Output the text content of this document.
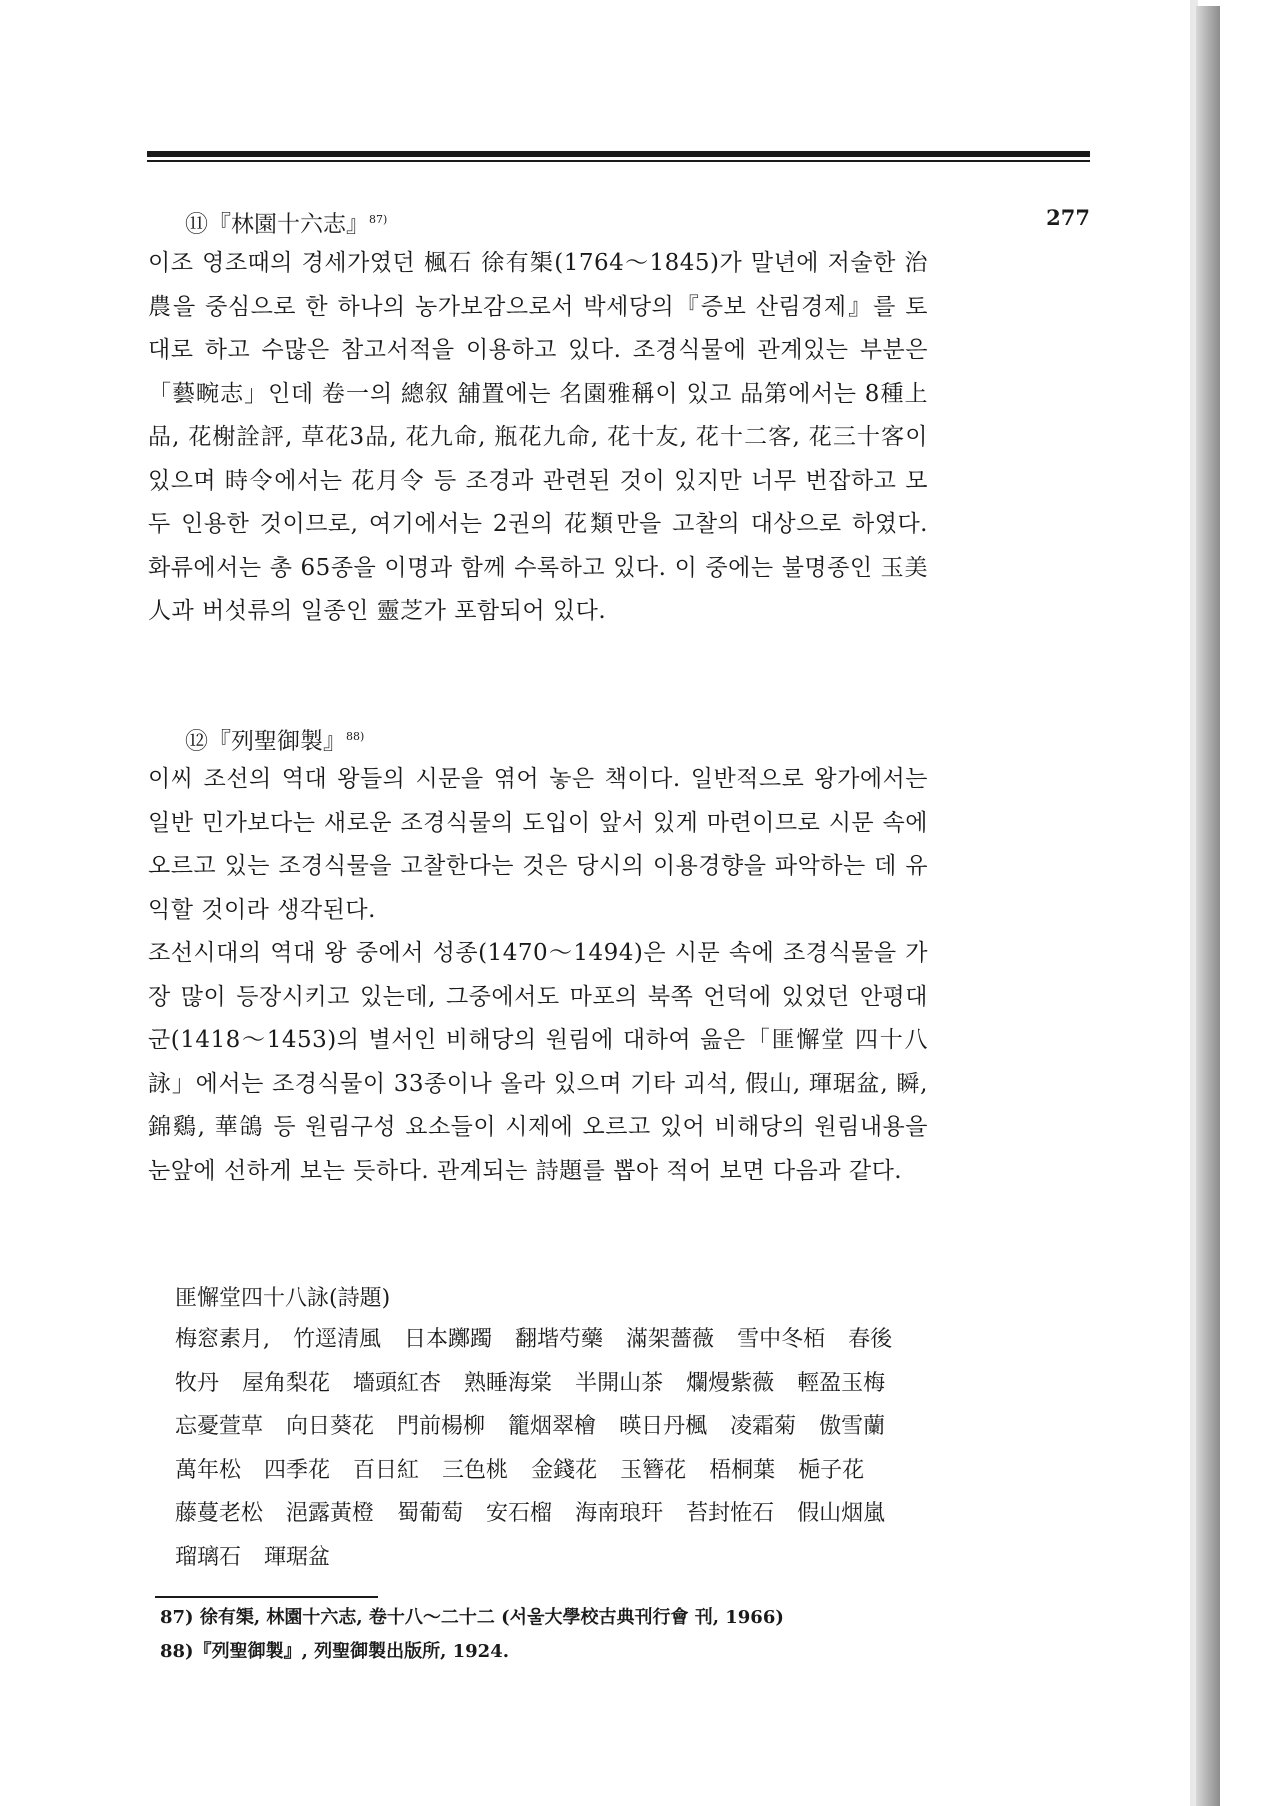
277
⑪『林園十六志』$^{87)}$

이조 영조때의 경세가였던 楓石 徐有榘(1764～1845)가 말년에 저술한 治農을 중심으로 한 하나의 농가보감으로서 박세당의『증보 산림경제』를 토대로 하고 수많은 참고서적을 이용하고 있다. 조경식물에 관계있는 부분은「藝畹志」인데 卷一의 總叙 舖置에는 名園雅稱이 있고 品第에서는 8種上品, 花榭詮評, 草花3品, 花九命, 瓶花九命, 花十友, 花十二客, 花三十客이 있으며 時令에서는 花月令 등 조경과 관련된 것이 있지만 너무 번잡하고 모두 인용한 것이므로, 여기에서는 2권의 花類만을 고찰의 대상으로 하였다. 화류에서는 총 65종을 이명과 함께 수록하고 있다. 이 중에는 불명종인 玉美人과 버섯류의 일종인 靈芝가 포함되어 있다.

⑫『列聖御製』$^{88)}$

이씨 조선의 역대 왕들의 시문을 엮어 놓은 책이다. 일반적으로 왕가에서는 일반 민가보다는 새로운 조경식물의 도입이 앞서 있게 마련이므로 시문 속에 오르고 있는 조경식물을 고찰한다는 것은 당시의 이용경향을 파악하는 데 유익할 것이라 생각된다.

조선시대의 역대 왕 중에서 성종(1470～1494)은 시문 속에 조경식물을 가장 많이 등장시키고 있는데, 그중에서도 마포의 북쪽 언덕에 있었던 안평대군(1418～1453)의 별서인 비해당의 원림에 대하여 읊은「匪懈堂 四十八詠」에서는 조경식물이 33종이나 올라 있으며 기타 괴석, 假山, 琿琚盆, 瞬, 錦鷄, 華鴿 등 원림구성 요소들이 시제에 오르고 있어 비해당의 원림내용을 눈앞에 선하게 보는 듯하다. 관계되는 詩題를 뽑아 적어 보면 다음과 같다.

匪懈堂四十八詠(詩題)
梅窓素月, 竹逕清風 日本躑躅 翻堦芍藥 滿架薔薇 雪中冬栢 春後牧丹 屋角梨花 墻頭紅杏 熟睡海棠 半開山茶 爛熳紫薇 輕盈玉梅忘憂萱草 向日葵花 門前楊柳 籠烟翠檜 暎日丹楓 凌霜菊 傲雪蘭萬年松 四季花 百日紅 三色桃 金錢花 玉簪花 梧桐葉 梔子花藤蔓老松 浥露黃橙 蜀葡萄 安石榴 海南琅玕 苔封恠石 假山烟嵐瑠璃石 琿琚盆
87) 徐有榘, 林園十六志, 卷十八～二十二 (서울大學校古典刊行會 刊, 1966)
88)『列聖御製』, 列聖御製出版所, 1924.
